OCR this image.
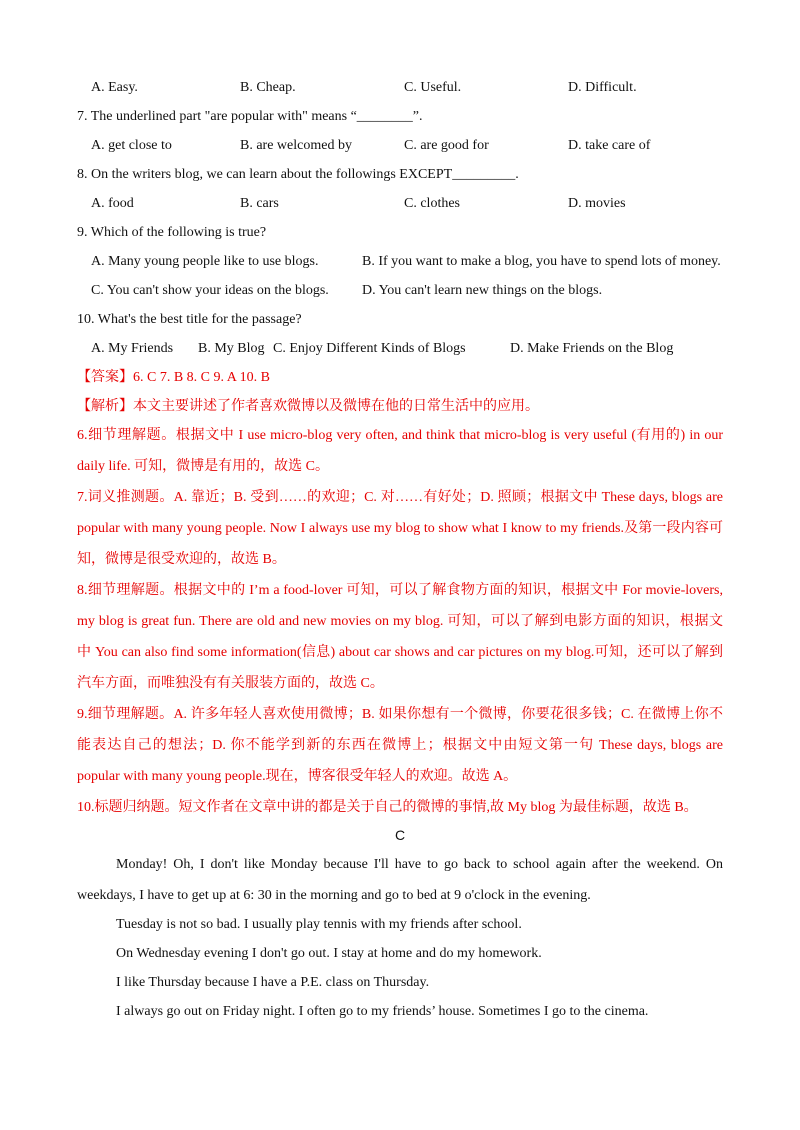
A. Easy.	B. Cheap.	C. Useful.	D. Difficult.
7. The underlined part "are popular with" means “________”.
A. get close to	B. are welcomed by	C. are good for	D. take care of
8. On the writers blog, we can learn about the followings EXCEPT_________.
A. food	B. cars	C. clothes	D. movies
9. Which of the following is true?
A. Many young people like to use blogs.	B. If you want to make a blog, you have to spend lots of money.
C. You can't show your ideas on the blogs. D. You can't learn new things on the blogs.
10. What's the best title for the passage?
A. My Friends B. My Blog C. Enjoy Different Kinds of Blogs	D. Make Friends on the Blog
【答案】6. C 7. B 8. C 9. A 10. B
【解析】本文主要讲述了作者喜欢微博以及微博在他的日常生活中的应用。
6.细节理解题。根据文中 I use micro-blog very often, and think that micro-blog is very useful (有用的) in our
daily life. 可知，微博是有用的，故选 C。
7.词义推测题。A. 靠近；B. 受到……的欢迎；C. 对……有好处；D. 照顾；根据文中 These days, blogs are
popular with many young people. Now I always use my blog to show what I know to my friends.及第一段内容可
知，微博是很受欢迎的，故选 B。
8.细节理解题。根据文中的 I’m a food-lover 可知，可以了解食物方面的知识，根据文中 For movie-lovers,
my blog is great fun. There are old and new movies on my blog. 可知，可以了解到电影方面的知识，根据文
中 You can also find some information(信息) about car shows and car pictures on my blog.可知，还可以了解到
汽车方面，而唯独没有有关服装方面的，故选 C。
9.细节理解题。A. 许多年轻人喜欢使用微博；B. 如果你想有一个微博，你要花很多钱；C. 在微博上你不
能表达自己的想法；D. 你不能学到新的东西在微博上；根据文中由短文第一句 These days, blogs are
popular with many young people.现在，博客很受年轻人的欢迎。故选 A。
10.标题归纳题。短文作者在文章中讲的都是关于自己的微博的事情,故 My blog 为最佳标题，故选 B。
C
Monday! Oh, I don't like Monday because I'll have to go back to school again after the weekend. On
weekdays, I have to get up at 6: 30 in the morning and go to bed at 9 o'clock in the evening.
Tuesday is not so bad. I usually play tennis with my friends after school.
On Wednesday evening I don't go out. I stay at home and do my homework.
I like Thursday because I have a P.E. class on Thursday.
I always go out on Friday night. I often go to my friends’ house. Sometimes I go to the cinema.
